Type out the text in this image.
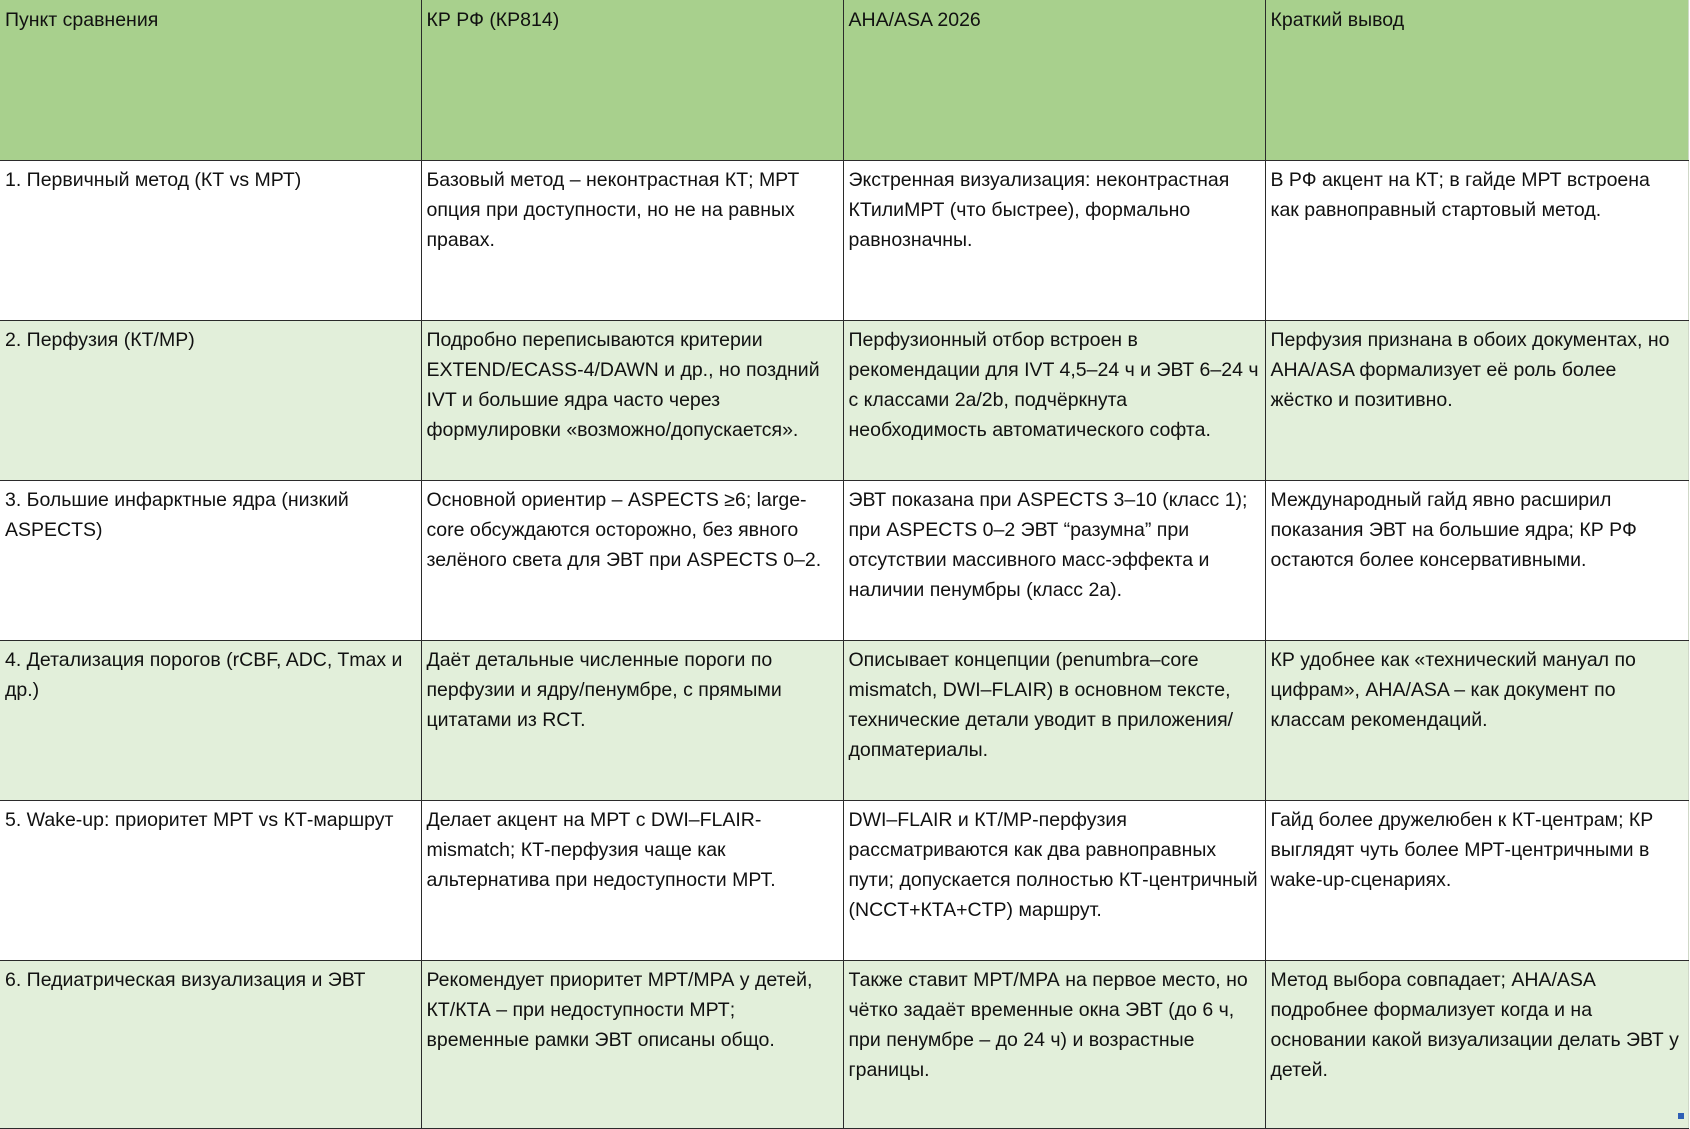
Пункт сравнения	КР РФ (КР814)	AHA/ASA 2026	Краткий вывод
1. Первичный метод (КТ vs МРТ)	Базовый метод – неконтрастная КТ; МРТ опция при доступности, но не на равных правах.	Экстренная визуализация: неконтрастная КТилиМРТ (что быстрее), формально равнозначны.	В РФ акцент на КТ; в гайде МРТ встроена как равноправный стартовый метод.
2. Перфузия (КТ/МР)	Подробно переписываются критерии EXTEND/ECASS-4/DAWN и др., но поздний IVT и большие ядра часто через формулировки «возможно/допускается».	Перфузионный отбор встроен в рекомендации для IVT 4,5–24 ч и ЭВТ 6–24 ч с классами 2a/2b, подчёркнута необходимость автоматического софта.	Перфузия признана в обоих документах, но AHA/ASA формализует её роль более жёстко и позитивно.
3. Большие инфарктные ядра (низкий ASPECTS)	Основной ориентир – ASPECTS ≥6; large-core обсуждаются осторожно, без явного зелёного света для ЭВТ при ASPECTS 0–2.	ЭВТ показана при ASPECTS 3–10 (класс 1); при ASPECTS 0–2 ЭВТ “разумна” при отсутствии массивного масс-эффекта и наличии пенумбры (класс 2a).	Международный гайд явно расширил показания ЭВТ на большие ядра; КР РФ остаются более консервативными.
4. Детализация порогов (rCBF, ADC, Tmax и др.)	Даёт детальные численные пороги по перфузии и ядру/пенумбре, с прямыми цитатами из RCT.	Описывает концепции (penumbra–core mismatch, DWI–FLAIR) в основном тексте, технические детали уводит в приложения/допматериалы.	КР удобнее как «технический мануал по цифрам», AHA/ASA – как документ по классам рекомендаций.
5. Wake-up: приоритет МРТ vs КТ-маршрут	Делает акцент на МРТ с DWI–FLAIR-mismatch; КТ-перфузия чаще как альтернатива при недоступности МРТ.	DWI–FLAIR и КТ/МР-перфузия рассматриваются как два равноправных пути; допускается полностью КТ-центричный (NCCT+КТА+CTP) маршрут.	Гайд более дружелюбен к КТ-центрам; КР выглядят чуть более МРТ-центричными в wake-up-сценариях.
6. Педиатрическая визуализация и ЭВТ	Рекомендует приоритет МРТ/МРА у детей, КТ/КТА – при недоступности МРТ; временные рамки ЭВТ описаны общо.	Также ставит МРТ/МРА на первое место, но чётко задаёт временные окна ЭВТ (до 6 ч, при пенумбре – до 24 ч) и возрастные границы.	Метод выбора совпадает; AHA/ASA подробнее формализует когда и на основании какой визуализации делать ЭВТ у детей.
